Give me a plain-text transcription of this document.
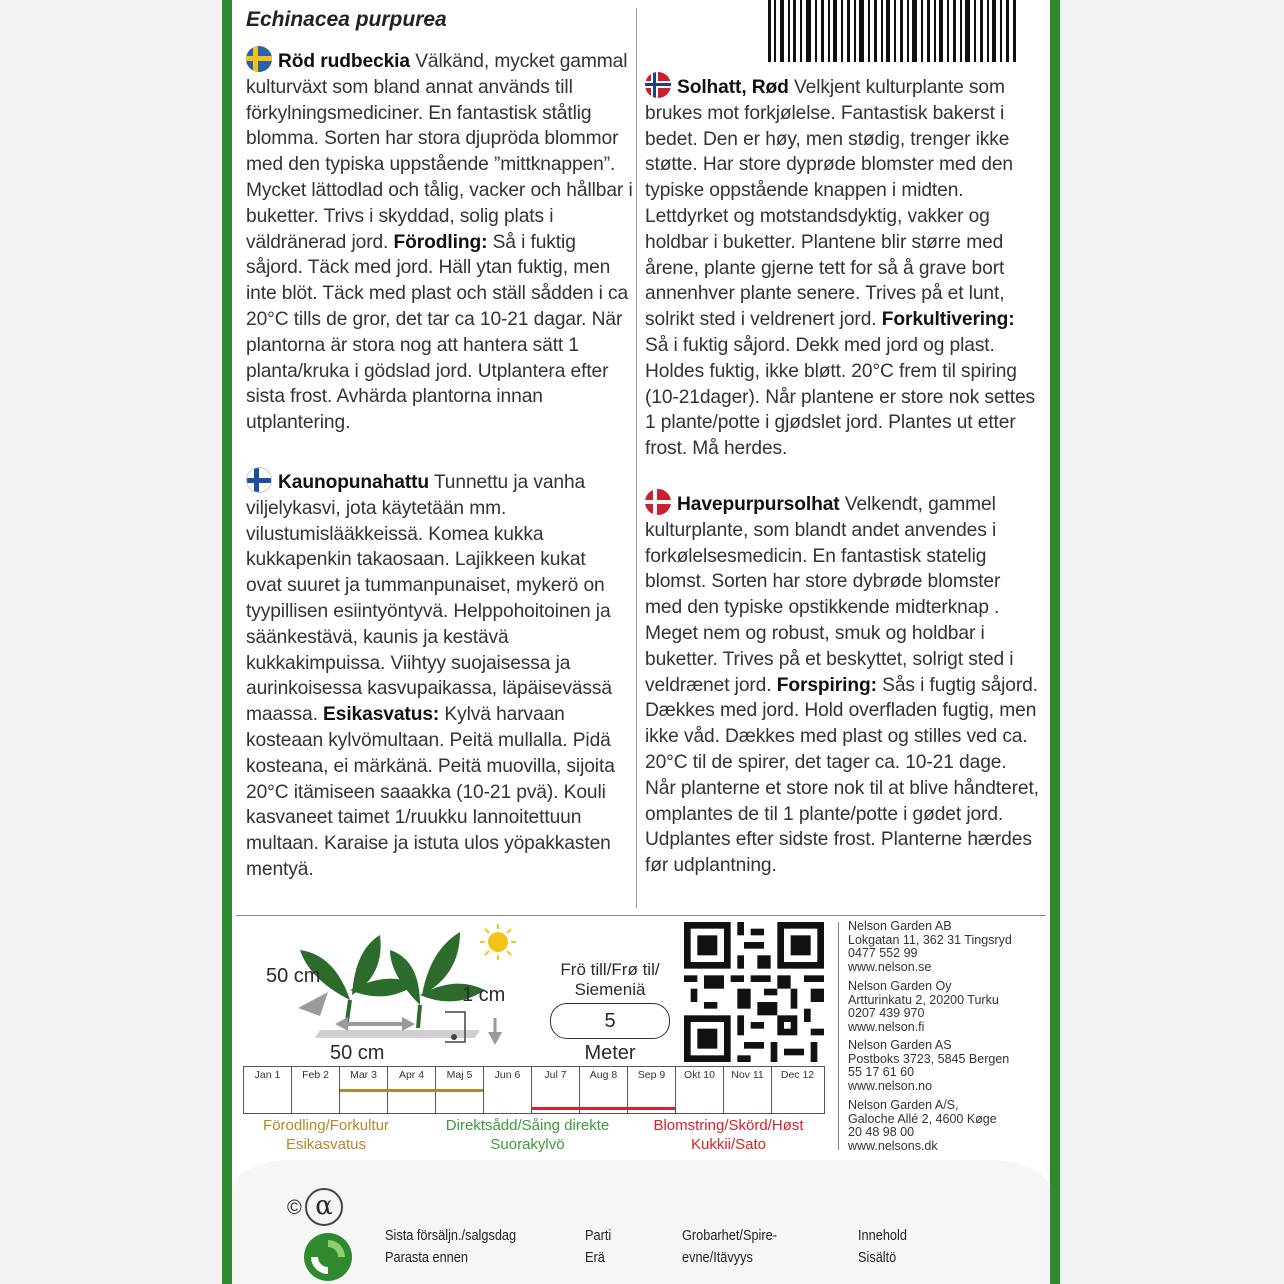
Echinacea purpurea
Röd rudbeckia Välkänd, mycket gammal kulturväxt som bland annat används till förkylningsmediciner. En fantastisk ståtlig blomma. Sorten har stora djupröda blommor med den typiska uppstående ”mittknappen”. Mycket lättodlad och tålig, vacker och hållbar i buketter. Trivs i skyddad, solig plats i väldränerad jord. Förodling: Så i fuktig såjord. Täck med jord. Häll ytan fuktig, men inte blöt. Täck med plast och ställ sådden i ca 20°C tills de gror, det tar ca 10-21 dagar. När plantorna är stora nog att hantera sätt 1 planta/kruka i gödslad jord. Utplantera efter sista frost. Avhärda plantorna innan utplantering.
Kaunopunahattu Tunnettu ja vanha viljelykasvi, jota käytetään mm. vilustumislääkkeissä. Komea kukka kukkapenkin takaosaan. Lajikkeen kukat ovat suuret ja tummanpunaiset, mykerö on tyypillisen esiintyöntyvä. Helppohoitoinen ja säänkestävä, kaunis ja kestävä kukkakimpuissa. Viihtyy suojaisessa ja aurinkoisessa kasvupaikassa, läpäisevässä maassa. Esikasvatus: Kylvä harvaan kosteaan kylvömultaan. Peitä mullalla. Pidä kosteana, ei märkänä. Peitä muovilla, sijoita 20°C itämiseen saaakka (10-21 pvä). Kouli kasvaneet taimet 1/ruukku lannoitettuun multaan. Karaise ja istuta ulos yöpakkasten mentyä.
Solhatt, Rød Velkjent kulturplante som brukes mot forkjølelse. Fantastisk bakerst i bedet. Den er høy, men stødig, trenger ikke støtte. Har store dyprøde blomster med den typiske oppstående knappen i midten. Lettdyrket og motstandsdyktig, vakker og holdbar i buketter. Plantene blir større med årene, plante gjerne tett for så å grave bort annenhver plante senere. Trives på et lunt, solrikt sted i veldrenert jord. Forkultivering: Så i fuktig såjord. Dekk med jord og plast. Holdes fuktig, ikke bløtt. 20°C frem til spiring (10-21dager). Når plantene er store nok settes 1 plante/potte i gjødslet jord. Plantes ut etter frost. Må herdes.
Havepurpursolhat Velkendt, gammel kulturplante, som blandt andet anvendes i forkølelsesmedicin. En fantastisk statelig blomst. Sorten har store dybrøde blomster med den typiske opstikkende midterknap . Meget nem og robust, smuk og holdbar i buketter. Trives på et beskyttet, solrigt sted i veldrænet jord. Forspiring: Sås i fugtig såjord. Dækkes med jord. Hold overfladen fugtig, men ikke våd. Dækkes med plast og stilles ved ca. 20°C til de spirer, det tager ca. 10-21 dage. Når planterne et store nok til at blive håndteret, omplantes de til 1 plante/potte i gødet jord. Udplantes efter sidste frost. Planterne hærdes før udplantning.
50 cm
50 cm
1 cm
Frö till/Frø til/
Siemeniä
5
Meter
Jan 1	Feb 2	Mar 3	Apr 4	Maj 5	Jun 6	Jul 7	Aug 8	Sep 9	Okt 10	Nov 11	Dec 12
Förodling/Forkultur
Esikasvatus
Direktsådd/Såing direkte
Suorakylvö
Blomstring/Skörd/Høst
Kukkii/Sato
Nelson Garden AB
Lokgatan 11, 362 31 Tingsryd
0477 552 99
www.nelson.se
Nelson Garden Oy
Artturinkatu 2, 20200 Turku
0207 439 970
www.nelson.fi
Nelson Garden AS
Postboks 3723, 5845 Bergen
55 17 61 60
www.nelson.no
Nelson Garden A/S,
Galoche Allé 2, 4600 Køge
20 48 98 00
www.nelsons.dk
© α
Sista försäljn./salgsdag
Parasta ennen
Parti
Erä
Grobarhet/Spire-
evne/Itävyys
Innehold
Sisältö
